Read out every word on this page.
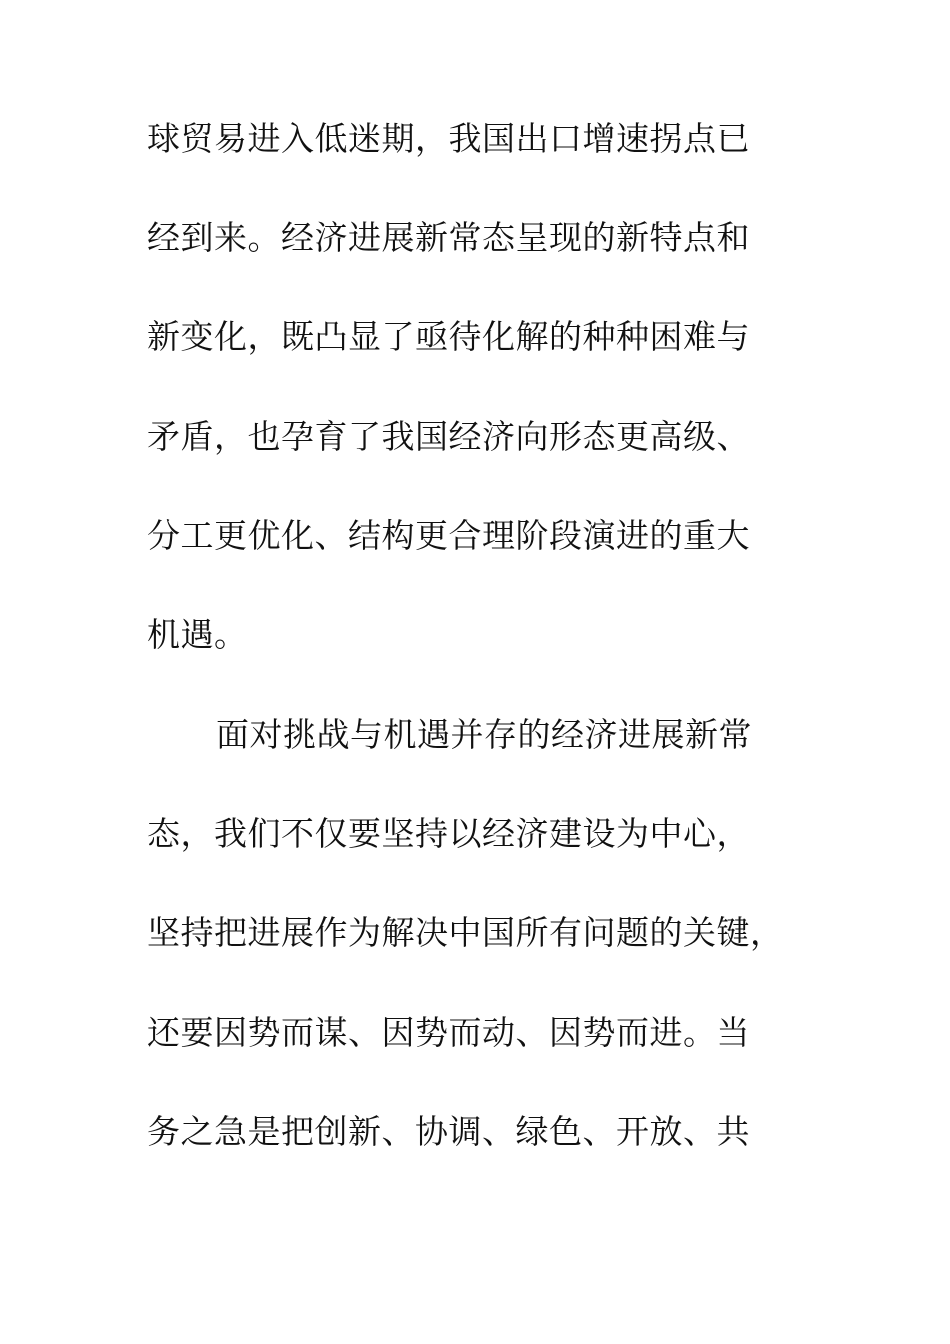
球贸易进入低迷期，我国出口增速拐点已
经到来。经济进展新常态呈现的新特点和
新变化，既凸显了亟待化解的种种困难与
矛盾，也孕育了我国经济向形态更高级、
分工更优化、结构更合理阶段演进的重大
机遇。
面对挑战与机遇并存的经济进展新常
态，我们不仅要坚持以经济建设为中心，
坚持把进展作为解决中国所有问题的关键，
还要因势而谋、因势而动、因势而进。当
务之急是把创新、协调、绿色、开放、共
